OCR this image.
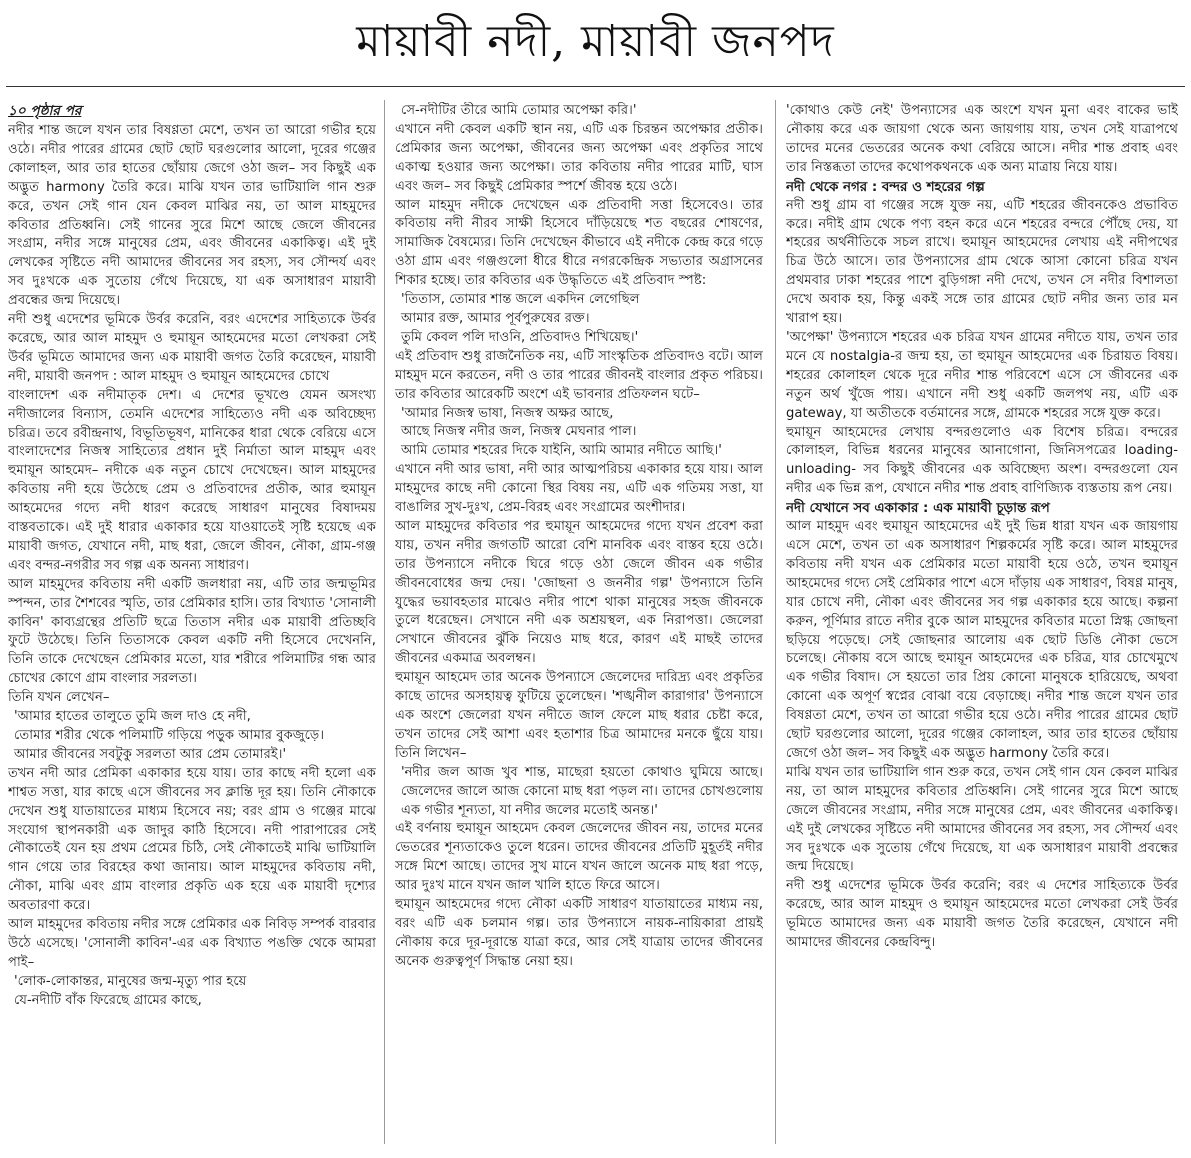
মায়াবী নদী, মায়াবী জনপদ

১০ পৃষ্ঠার পর

নদীর শান্ত জলে যখন তার বিষণ্ণতা মেশে, তখন তা আরো গভীর হয়ে ওঠে। নদীর পারের গ্রামের ছোট ছোট ঘরগুলোর আলো, দূরের গঞ্জের কোলাহল, আর তার হাতের ছোঁয়ায় জেগে ওঠা জল– সব কিছুই এক অদ্ভুত harmony তৈরি করে। মাঝি যখন তার ভাটিয়ালি গান শুরু করে, তখন সেই গান যেন কেবল মাঝির নয়, তা আল মাহমুদের কবিতার প্রতিধ্বনি। সেই গানের সুরে মিশে আছে জেলে জীবনের সংগ্রাম, নদীর সঙ্গে মানুষের প্রেম, এবং জীবনের একাকিত্ব। এই দুই লেখকের সৃষ্টিতে নদী আমাদের জীবনের সব রহস্য, সব সৌন্দর্য এবং সব দুঃখকে এক সুতোয় গেঁথে দিয়েছে, যা এক অসাধারণ মায়াবী প্রবন্ধের জন্ম দিয়েছে।

নদী শুধু এদেশের ভূমিকে উর্বর করেনি, বরং এদেশের সাহিত্যকে উর্বর করেছে, আর আল মাহমুদ ও হুমায়ূন আহমেদের মতো লেখকরা সেই উর্বর ভূমিতে আমাদের জন্য এক মায়াবী জগত তৈরি করেছেন, মায়াবী নদী, মায়াবী জনপদ : আল মাহমুদ ও হুমায়ূন আহমেদের চোখে

বাংলাদেশ এক নদীমাতৃক দেশ। এ দেশের ভূখণ্ডে যেমন অসংখ্য নদীজালের বিন্যাস, তেমনি এদেশের সাহিত্যেও নদী এক অবিচ্ছেদ্য চরিত্র। তবে রবীন্দ্রনাথ, বিভূতিভূষণ, মানিকের ধারা থেকে বেরিয়ে এসে বাংলাদেশের নিজস্ব সাহিত্যের প্রধান দুই নির্মাতা আল মাহমুদ এবং হুমায়ূন আহমেদ– নদীকে এক নতুন চোখে দেখেছেন। আল মাহমুদের কবিতায় নদী হয়ে উঠেছে প্রেম ও প্রতিবাদের প্রতীক, আর হুমায়ূন আহমেদের গদ্যে নদী ধারণ করেছে সাধারণ মানুষের বিষাদময় বাস্তবতাকে। এই দুই ধারার একাকার হয়ে যাওয়াতেই সৃষ্টি হয়েছে এক মায়াবী জগত, যেখানে নদী, মাছ ধরা, জেলে জীবন, নৌকা, গ্রাম-গঞ্জ এবং বন্দর-নগরীর সব গল্প এক অনন্য সাধারণ।

আল মাহমুদের কবিতায় নদী একটি জলধারা নয়, এটি তার জন্মভূমির স্পন্দন, তার শৈশবের স্মৃতি, তার প্রেমিকার হাসি। তার বিখ্যাত 'সোনালী কাবিন' কাব্যগ্রন্থের প্রতিটি ছত্রে তিতাস নদীর এক মায়াবী প্রতিচ্ছবি ফুটে উঠেছে। তিনি তিতাসকে কেবল একটি নদী হিসেবে দেখেননি, তিনি তাকে দেখেছেন প্রেমিকার মতো, যার শরীরে পলিমাটির গন্ধ আর চোখের কোণে গ্রাম বাংলার সরলতা।

তিনি যখন লেখেন–

'আমার হাতের তালুতে তুমি জল দাও হে নদী,

তোমার শরীর থেকে পলিমাটি গড়িয়ে পড়ুক আমার বুকজুড়ে।

আমার জীবনের সবটুকু সরলতা আর প্রেম তোমারই।'

তখন নদী আর প্রেমিকা একাকার হয়ে যায়। তার কাছে নদী হলো এক শাশ্বত সত্তা, যার কাছে এসে জীবনের সব ক্লান্তি দূর হয়। তিনি নৌকাকে দেখেন শুধু যাতায়াতের মাধ্যম হিসেবে নয়; বরং গ্রাম ও গঞ্জের মাঝে সংযোগ স্থাপনকারী এক জাদুর কাঠি হিসেবে। নদী পারাপারের সেই নৌকাতেই যেন হয় প্রথম প্রেমের চিঠি, সেই নৌকাতেই মাঝি ভাটিয়ালি গান গেয়ে তার বিরহের কথা জানায়। আল মাহমুদের কবিতায় নদী, নৌকা, মাঝি এবং গ্রাম বাংলার প্রকৃতি এক হয়ে এক মায়াবী দৃশ্যের অবতারণা করে।

আল মাহমুদের কবিতায় নদীর সঙ্গে প্রেমিকার এক নিবিড় সম্পর্ক বারবার উঠে এসেছে। 'সোনালী কাবিন'-এর এক বিখ্যাত পঙক্তি থেকে আমরা পাই–

'লোক-লোকান্তর, মানুষের জন্ম-মৃত্যু পার হয়ে

যে-নদীটি বাঁক ফিরেছে গ্রামের কাছে,

সে-নদীটির তীরে আমি তোমার অপেক্ষা করি।'

এখানে নদী কেবল একটি স্থান নয়, এটি এক চিরন্তন অপেক্ষার প্রতীক। প্রেমিকার জন্য অপেক্ষা, জীবনের জন্য অপেক্ষা এবং প্রকৃতির সাথে একাত্ম হওয়ার জন্য অপেক্ষা। তার কবিতায় নদীর পারের মাটি, ঘাস এবং জল– সব কিছুই প্রেমিকার স্পর্শে জীবন্ত হয়ে ওঠে।

আল মাহমুদ নদীকে দেখেছেন এক প্রতিবাদী সত্তা হিসেবেও। তার কবিতায় নদী নীরব সাক্ষী হিসেবে দাঁড়িয়েছে শত বছরের শোষণের, সামাজিক বৈষম্যের। তিনি দেখেছেন কীভাবে এই নদীকে কেন্দ্র করে গড়ে ওঠা গ্রাম এবং গঞ্জগুলো ধীরে ধীরে নগরকেন্দ্রিক সভ্যতার অগ্রাসনের শিকার হচ্ছে। তার কবিতার এক উদ্ধৃতিতে এই প্রতিবাদ স্পষ্ট:

'তিতাস, তোমার শান্ত জলে একদিন লেগেছিল

আমার রক্ত, আমার পূর্বপুরুষের রক্ত।

তুমি কেবল পলি দাওনি, প্রতিবাদও শিখিয়েছ।'

এই প্রতিবাদ শুধু রাজনৈতিক নয়, এটি সাংস্কৃতিক প্রতিবাদও বটে। আল মাহমুদ মনে করতেন, নদী ও তার পারের জীবনই বাংলার প্রকৃত পরিচয়। তার কবিতার আরেকটি অংশে এই ভাবনার প্রতিফলন ঘটে–

'আমার নিজস্ব ভাষা, নিজস্ব অক্ষর আছে,

আছে নিজস্ব নদীর জল, নিজস্ব মেঘনার পাল।

আমি তোমার শহরের দিকে যাইনি, আমি আমার নদীতে আছি।'

এখানে নদী আর ভাষা, নদী আর আত্মপরিচয় একাকার হয়ে যায়। আল মাহমুদের কাছে নদী কোনো স্থির বিষয় নয়, এটি এক গতিময় সত্তা, যা বাঙালির সুখ-দুঃখ, প্রেম-বিরহ এবং সংগ্রামের অংশীদার।

আল মাহমুদের কবিতার পর হুমায়ূন আহমেদের গদ্যে যখন প্রবেশ করা যায়, তখন নদীর জগতটি আরো বেশি মানবিক এবং বাস্তব হয়ে ওঠে। তার উপন্যাসে নদীকে ঘিরে গড়ে ওঠা জেলে জীবন এক গভীর জীবনবোধের জন্ম দেয়। 'জোছনা ও জননীর গল্প' উপন্যাসে তিনি যুদ্ধের ভয়াবহতার মাঝেও নদীর পাশে থাকা মানুষের সহজ জীবনকে তুলে ধরেছেন। সেখানে নদী এক অশ্রয়স্থল, এক নিরাপত্তা। জেলেরা সেখানে জীবনের ঝুঁকি নিয়েও মাছ ধরে, কারণ এই মাছই তাদের জীবনের একমাত্র অবলম্বন।

হুমায়ূন আহমেদ তার অনেক উপন্যাসে জেলেদের দারিদ্র্য এবং প্রকৃতির কাছে তাদের অসহায়ত্ব ফুটিয়ে তুলেছেন। 'শঙ্খনীল কারাগার' উপন্যাসে এক অংশে জেলেরা যখন নদীতে জাল ফেলে মাছ ধরার চেষ্টা করে, তখন তাদের সেই আশা এবং হতাশার চিত্র আমাদের মনকে ছুঁয়ে যায়। তিনি লিখেন–

'নদীর জল আজ খুব শান্ত, মাছেরা হয়তো কোথাও ঘুমিয়ে আছে। জেলেদের জালে আজ কোনো মাছ ধরা পড়ল না। তাদের চোখগুলোয় এক গভীর শূন্যতা, যা নদীর জলের মতোই অনন্ত।'

এই বর্ণনায় হুমায়ূন আহমেদ কেবল জেলেদের জীবন নয়, তাদের মনের ভেতরের শূন্যতাকেও তুলে ধরেন। তাদের জীবনের প্রতিটি মুহূর্তই নদীর সঙ্গে মিশে আছে। তাদের সুখ মানে যখন জালে অনেক মাছ ধরা পড়ে, আর দুঃখ মানে যখন জাল খালি হাতে ফিরে আসে।

হুমায়ূন আহমেদের গদ্যে নৌকা একটি সাধারণ যাতায়াতের মাধ্যম নয়, বরং এটি এক চলমান গল্প। তার উপন্যাসে নায়ক-নায়িকারা প্রায়ই নৌকায় করে দূর-দূরান্তে যাত্রা করে, আর সেই যাত্রায় তাদের জীবনের অনেক গুরুত্বপূর্ণ সিদ্ধান্ত নেয়া হয়।

'কোথাও কেউ নেই' উপন্যাসের এক অংশে যখন মুনা এবং বাকের ভাই নৌকায় করে এক জায়গা থেকে অন্য জায়গায় যায়, তখন সেই যাত্রাপথে তাদের মনের ভেতরের অনেক কথা বেরিয়ে আসে। নদীর শান্ত প্রবাহ এবং তার নিস্তব্ধতা তাদের কথোপকথনকে এক অন্য মাত্রায় নিয়ে যায়।

নদী থেকে নগর : বন্দর ও শহরের গল্প

নদী শুধু গ্রাম বা গঞ্জের সঙ্গে যুক্ত নয়, এটি শহরের জীবনকেও প্রভাবিত করে। নদীই গ্রাম থেকে পণ্য বহন করে এনে শহরের বন্দরে পৌঁছে দেয়, যা শহরের অর্থনীতিকে সচল রাখে। হুমায়ূন আহমেদের লেখায় এই নদীপথের চিত্র উঠে আসে। তার উপন্যাসের গ্রাম থেকে আসা কোনো চরিত্র যখন প্রথমবার ঢাকা শহরের পাশে বুড়িগঙ্গা নদী দেখে, তখন সে নদীর বিশালতা দেখে অবাক হয়, কিন্তু একই সঙ্গে তার গ্রামের ছোট নদীর জন্য তার মন খারাপ হয়।

'অপেক্ষা' উপন্যাসে শহরের এক চরিত্র যখন গ্রামের নদীতে যায়, তখন তার মনে যে nostalgia-র জন্ম হয়, তা হুমায়ূন আহমেদের এক চিরায়ত বিষয়। শহরের কোলাহল থেকে দূরে নদীর শান্ত পরিবেশে এসে সে জীবনের এক নতুন অর্থ খুঁজে পায়। এখানে নদী শুধু একটি জলপথ নয়, এটি এক gateway, যা অতীতকে বর্তমানের সঙ্গে, গ্রামকে শহরের সঙ্গে যুক্ত করে।

হুমায়ূন আহমেদের লেখায় বন্দরগুলোও এক বিশেষ চরিত্র। বন্দরের কোলাহল, বিভিন্ন ধরনের মানুষের আনাগোনা, জিনিসপত্রের loading-unloading- সব কিছুই জীবনের এক অবিচ্ছেদ্য অংশ। বন্দরগুলো যেন নদীর এক ভিন্ন রূপ, যেখানে নদীর শান্ত প্রবাহ বাণিজ্যিক ব্যস্ততায় রূপ নেয়।

নদী যেখানে সব একাকার : এক মায়াবী চূড়ান্ত রূপ

আল মাহমুদ এবং হুমায়ূন আহমেদের এই দুই ভিন্ন ধারা যখন এক জায়গায় এসে মেশে, তখন তা এক অসাধারণ শিল্পকর্মের সৃষ্টি করে। আল মাহমুদের কবিতায় নদী যখন এক প্রেমিকার মতো মায়াবী হয়ে ওঠে, তখন হুমায়ূন আহমেদের গদ্যে সেই প্রেমিকার পাশে এসে দাঁড়ায় এক সাধারণ, বিষণ্ণ মানুষ, যার চোখে নদী, নৌকা এবং জীবনের সব গল্প একাকার হয়ে আছে। কল্পনা করুন, পূর্ণিমার রাতে নদীর বুকে আল মাহমুদের কবিতার মতো স্নিগ্ধ জোছনা ছড়িয়ে পড়েছে। সেই জোছনার আলোয় এক ছোট ডিঙি নৌকা ভেসে চলেছে। নৌকায় বসে আছে হুমায়ূন আহমেদের এক চরিত্র, যার চোখেমুখে এক গভীর বিষাদ। সে হয়তো তার প্রিয় কোনো মানুষকে হারিয়েছে, অথবা কোনো এক অপূর্ণ স্বপ্নের বোঝা বয়ে বেড়াচ্ছে। নদীর শান্ত জলে যখন তার বিষণ্ণতা মেশে, তখন তা আরো গভীর হয়ে ওঠে। নদীর পারের গ্রামের ছোট ছোট ঘরগুলোর আলো, দূরের গঞ্জের কোলাহল, আর তার হাতের ছোঁয়ায় জেগে ওঠা জল– সব কিছুই এক অদ্ভুত harmony তৈরি করে।

মাঝি যখন তার ভাটিয়ালি গান শুরু করে, তখন সেই গান যেন কেবল মাঝির নয়, তা আল মাহমুদের কবিতার প্রতিধ্বনি। সেই গানের সুরে মিশে আছে জেলে জীবনের সংগ্রাম, নদীর সঙ্গে মানুষের প্রেম, এবং জীবনের একাকিত্ব। এই দুই লেখকের সৃষ্টিতে নদী আমাদের জীবনের সব রহস্য, সব সৌন্দর্য এবং সব দুঃখকে এক সুতোয় গেঁথে দিয়েছে, যা এক অসাধারণ মায়াবী প্রবন্ধের জন্ম দিয়েছে।

নদী শুধু এদেশের ভূমিকে উর্বর করেনি; বরং এ দেশের সাহিত্যকে উর্বর করেছে, আর আল মাহমুদ ও হুমায়ূন আহমেদের মতো লেখকরা সেই উর্বর ভূমিতে আমাদের জন্য এক মায়াবী জগত তৈরি করেছেন, যেখানে নদী আমাদের জীবনের কেন্দ্রবিন্দু।
